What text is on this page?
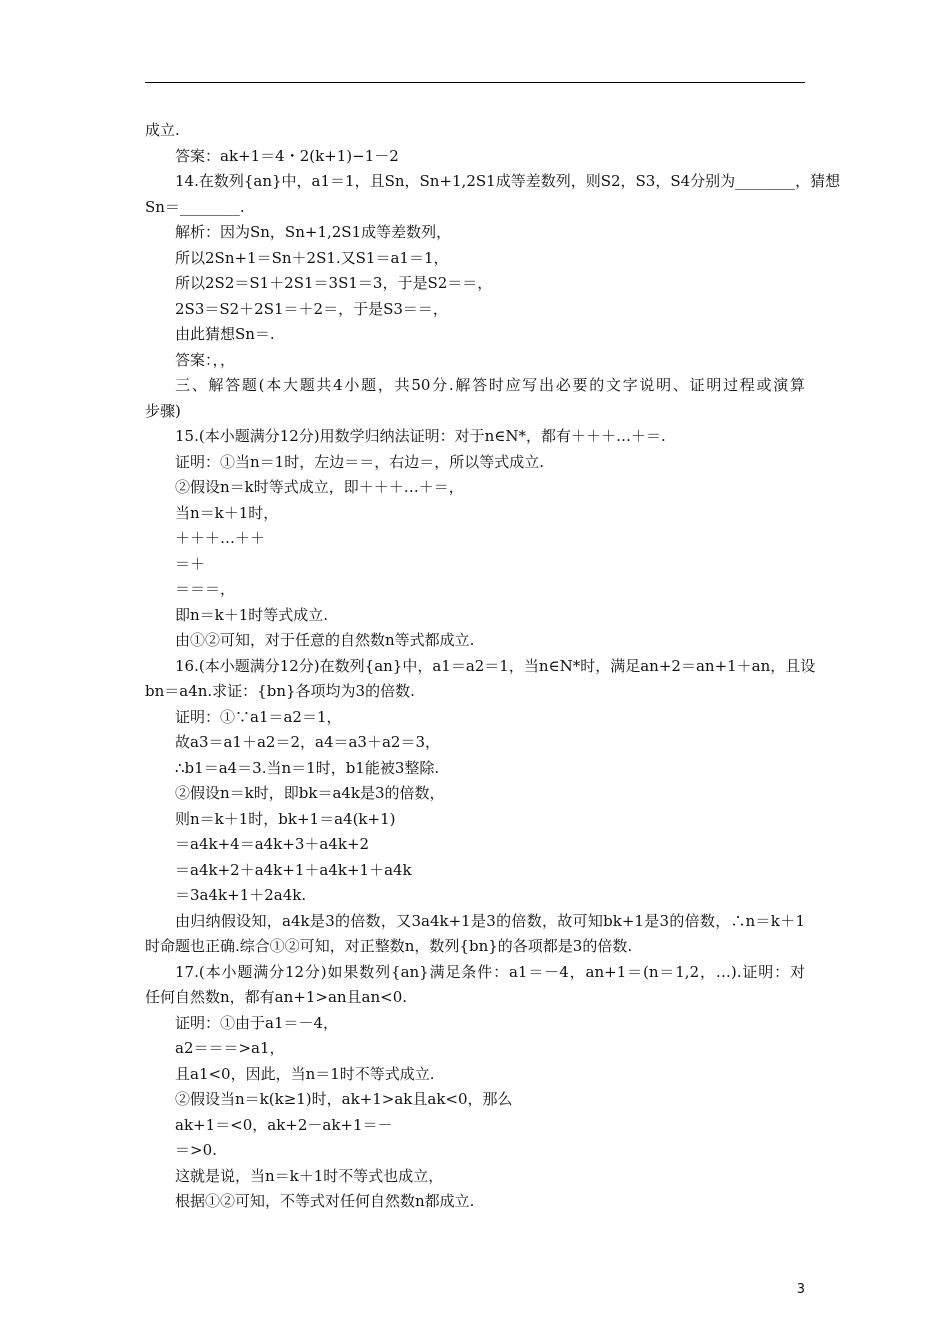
成立.
答案：ak+1＝4・2(k+1)−1－2
14.在数列{an}中，a1＝1，且Sn，Sn+1,2S1成等差数列，则S2，S3，S4分别为________，猜想
Sn＝________.
解析：因为Sn，Sn+1,2S1成等差数列，
所以2Sn+1＝Sn＋2S1.又S1＝a1＝1，
所以2S2＝S1＋2S1＝3S1＝3，于是S2＝＝，
2S3＝S2＋2S1＝＋2＝，于是S3＝＝，
由此猜想Sn＝.
答案：，，
三、解答题(本大题共4小题，共50分.解答时应写出必要的文字说明、证明过程或演算
步骤)
15.(本小题满分12分)用数学归纳法证明：对于n∈N*，都有＋＋＋…＋＝.
证明：①当n＝1时，左边＝＝，右边＝，所以等式成立.
②假设n＝k时等式成立，即＋＋＋…＋＝，
当n＝k＋1时，
＋＋＋…＋＋
＝＋
＝＝＝，
即n＝k＋1时等式成立.
由①②可知，对于任意的自然数n等式都成立.
16.(本小题满分12分)在数列{an}中，a1＝a2＝1，当n∈N*时，满足an+2＝an+1＋an，且设
bn＝a4n.求证：{bn}各项均为3的倍数.
证明：①∵a1＝a2＝1，
故a3＝a1＋a2＝2，a4＝a3＋a2＝3，
∴b1＝a4＝3.当n＝1时，b1能被3整除.
②假设n＝k时，即bk＝a4k是3的倍数，
则n＝k＋1时，bk+1＝a4(k+1)
＝a4k+4＝a4k+3＋a4k+2
＝a4k+2＋a4k+1＋a4k+1＋a4k
＝3a4k+1＋2a4k.
由归纳假设知，a4k是3的倍数，又3a4k+1是3的倍数，故可知bk+1是3的倍数，∴n＝k＋1
时命题也正确.综合①②可知，对正整数n，数列{bn}的各项都是3的倍数.
17.(本小题满分12分)如果数列{an}满足条件：a1＝－4，an+1＝(n＝1,2，…).证明：对
任何自然数n，都有an+1>an且an<0.
证明：①由于a1＝－4，
a2＝＝＝>a1，
且a1<0，因此，当n＝1时不等式成立.
②假设当n＝k(k≥1)时，ak+1>ak且ak<0，那么
ak+1＝<0，ak+2－ak+1＝－
＝>0.
这就是说，当n＝k＋1时不等式也成立，
根据①②可知，不等式对任何自然数n都成立.
3
